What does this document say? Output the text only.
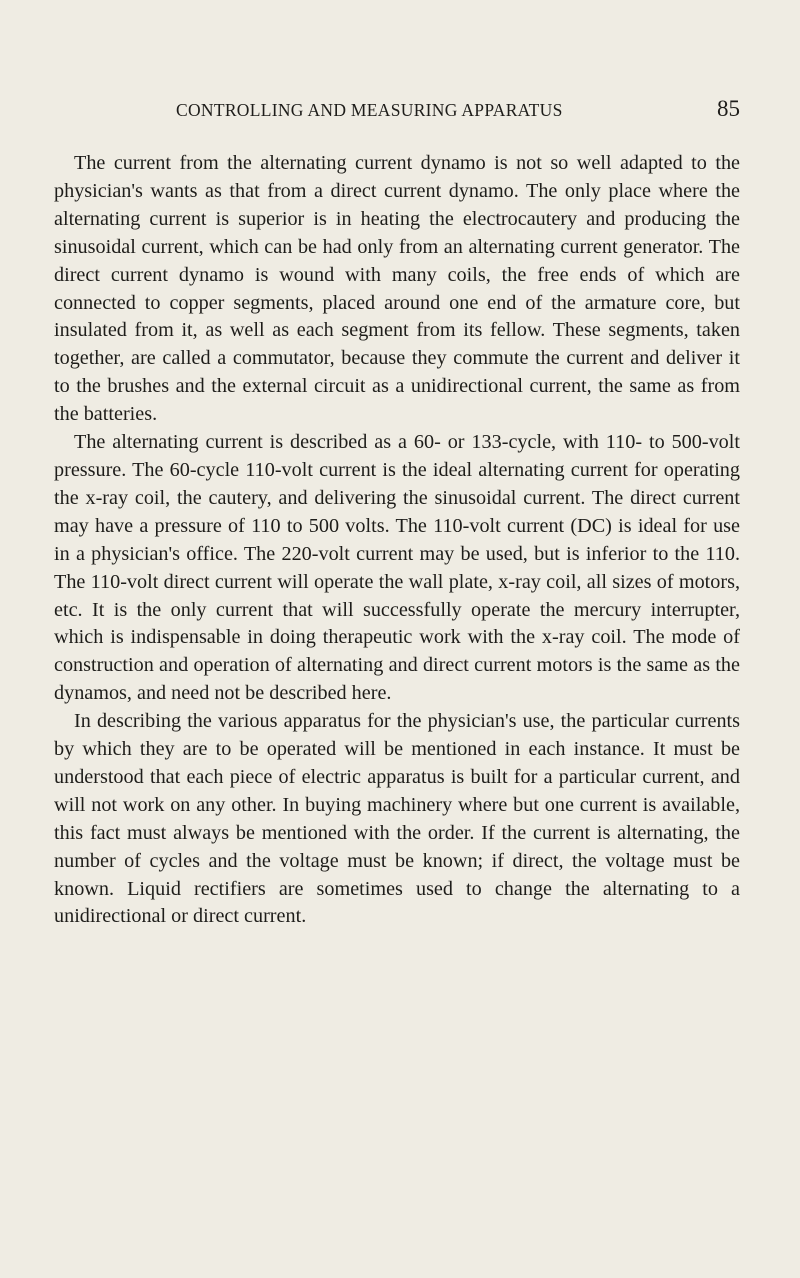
CONTROLLING AND MEASURING APPARATUS	85

The current from the alternating current dynamo is not so well adapted to the physician's wants as that from a direct current dynamo. The only place where the alternating current is superior is in heating the electrocautery and producing the sinusoidal current, which can be had only from an alternating current generator. The direct current dynamo is wound with many coils, the free ends of which are connected to copper segments, placed around one end of the armature core, but insulated from it, as well as each segment from its fellow. These segments, taken together, are called a commutator, because they commute the current and deliver it to the brushes and the external circuit as a unidirectional current, the same as from the batteries.

The alternating current is described as a 60- or 133-cycle, with 110- to 500-volt pressure. The 60-cycle 110-volt current is the ideal alternating current for operating the x-ray coil, the cautery, and delivering the sinusoidal current. The direct current may have a pressure of 110 to 500 volts. The 110-volt current (DC) is ideal for use in a physician's office. The 220-volt current may be used, but is inferior to the 110. The 110-volt direct current will operate the wall plate, x-ray coil, all sizes of motors, etc. It is the only current that will successfully operate the mercury interrupter, which is indispensable in doing therapeutic work with the x-ray coil. The mode of construction and operation of alternating and direct current motors is the same as the dynamos, and need not be described here.

In describing the various apparatus for the physician's use, the particular currents by which they are to be operated will be mentioned in each instance. It must be understood that each piece of electric apparatus is built for a particular current, and will not work on any other. In buying machinery where but one current is available, this fact must always be mentioned with the order. If the current is alternating, the number of cycles and the voltage must be known; if direct, the voltage must be known. Liquid rectifiers are sometimes used to change the alternating to a unidirectional or direct current.
